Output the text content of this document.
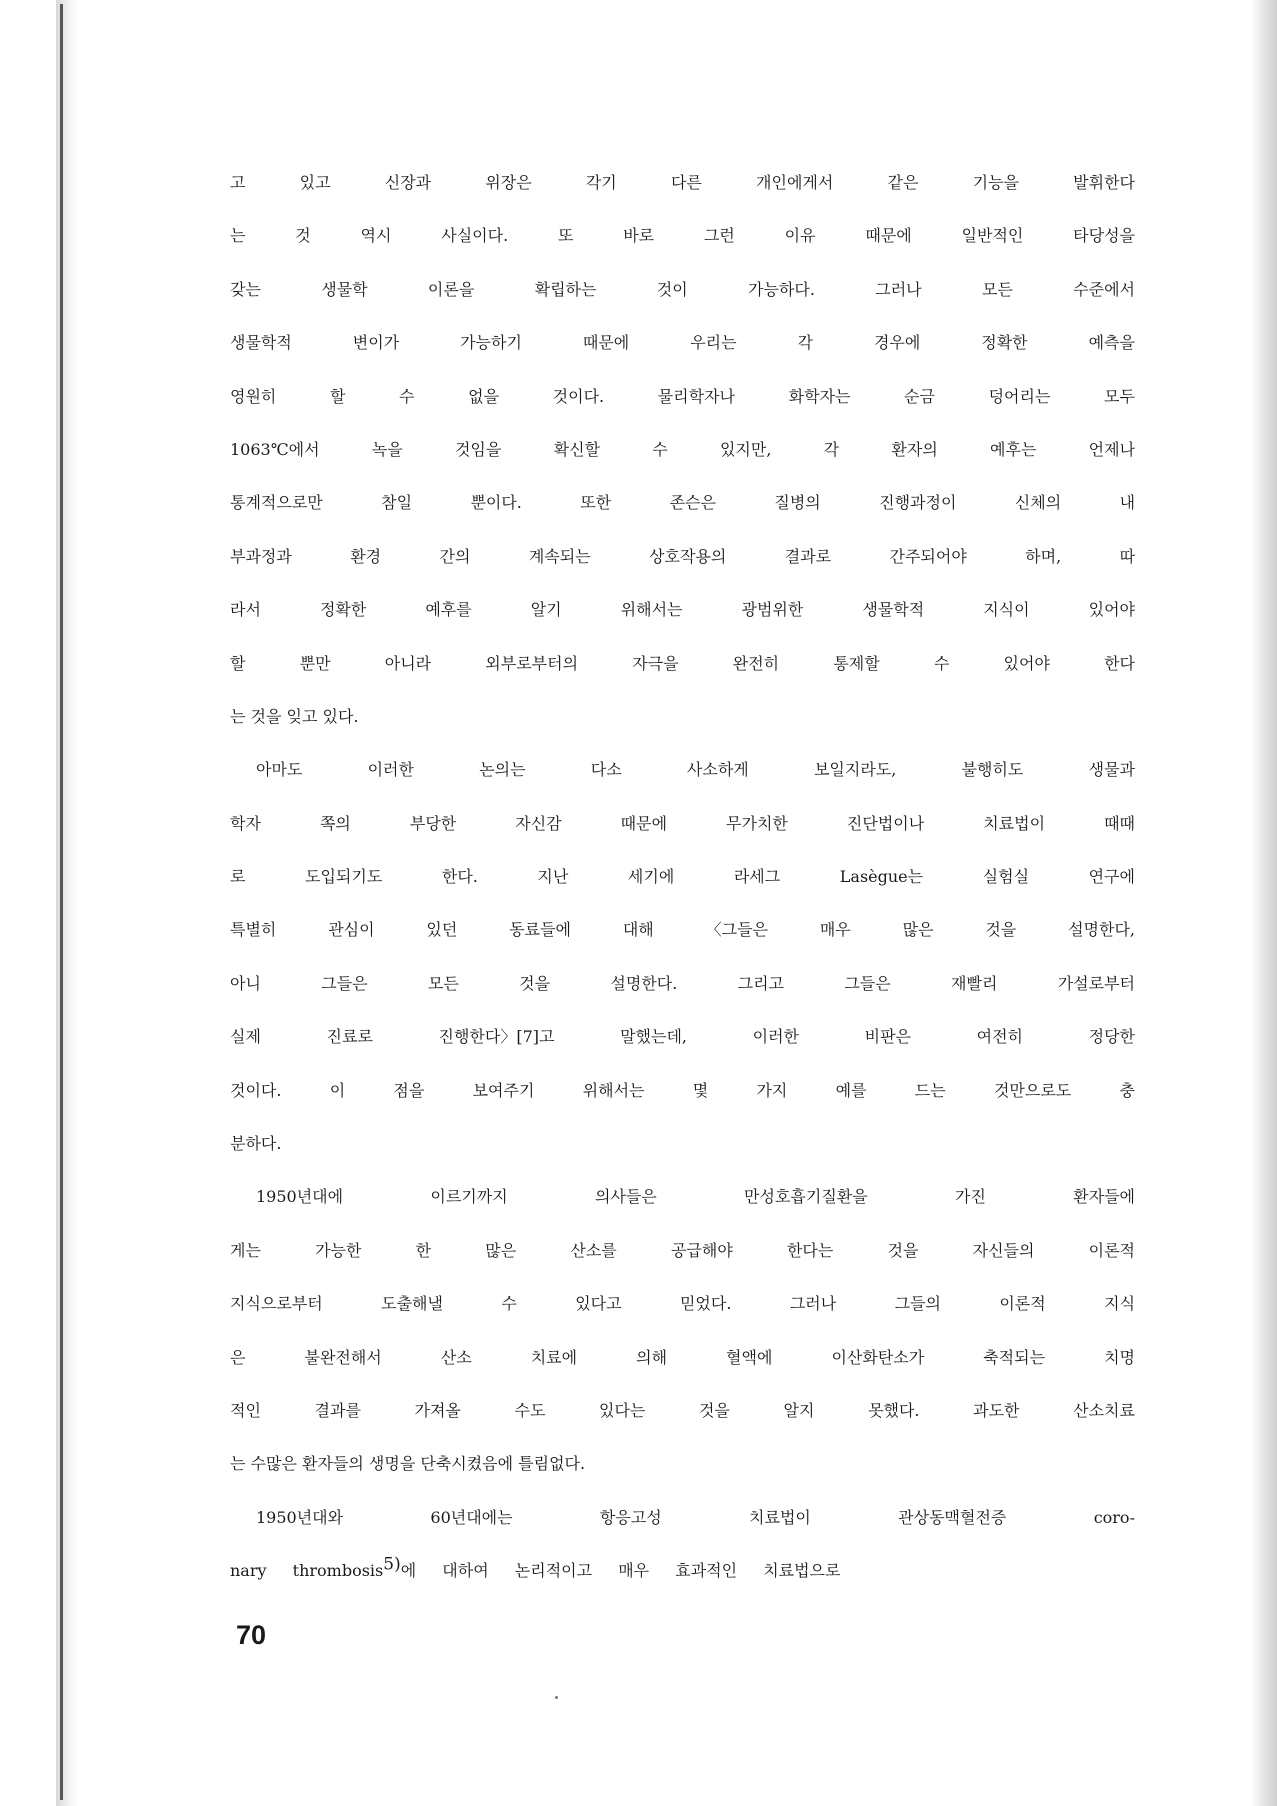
고 있고 신장과 위장은 각기 다른 개인에게서 같은 기능을 발휘한다
는 것 역시 사실이다. 또 바로 그런 이유 때문에 일반적인 타당성을
갖는 생물학 이론을 확립하는 것이 가능하다. 그러나 모든 수준에서
생물학적 변이가 가능하기 때문에 우리는 각 경우에 정확한 예측을
영원히 할 수 없을 것이다. 물리학자나 화학자는 순금 덩어리는 모두
1063℃에서 녹을 것임을 확신할 수 있지만, 각 환자의 예후는 언제나
통계적으로만 참일 뿐이다. 또한 존슨은 질병의 진행과정이 신체의 내
부과정과 환경 간의 계속되는 상호작용의 결과로 간주되어야 하며, 따
라서 정확한 예후를 알기 위해서는 광범위한 생물학적 지식이 있어야
할 뿐만 아니라 외부로부터의 자극을 완전히 통제할 수 있어야 한다
는 것을 잊고 있다.
아마도 이러한 논의는 다소 사소하게 보일지라도, 불행히도 생물과
학자 쪽의 부당한 자신감 때문에 무가치한 진단법이나 치료법이 때때
로 도입되기도 한다. 지난 세기에 라세그 Lasègue는 실험실 연구에
특별히 관심이 있던 동료들에 대해 〈그들은 매우 많은 것을 설명한다,
아니 그들은 모든 것을 설명한다. 그리고 그들은 재빨리 가설로부터
실제 진료로 진행한다〉[7]고 말했는데, 이러한 비판은 여전히 정당한
것이다. 이 점을 보여주기 위해서는 몇 가지 예를 드는 것만으로도 충
분하다.
1950년대에 이르기까지 의사들은 만성호흡기질환을 가진 환자들에
게는 가능한 한 많은 산소를 공급해야 한다는 것을 자신들의 이론적
지식으로부터 도출해낼 수 있다고 믿었다. 그러나 그들의 이론적 지식
은 불완전해서 산소 치료에 의해 혈액에 이산화탄소가 축적되는 치명
적인 결과를 가져올 수도 있다는 것을 알지 못했다. 과도한 산소치료
는 수많은 환자들의 생명을 단축시켰음에 틀림없다.
1950년대와 60년대에는 항응고성 치료법이 관상동맥혈전증 coro-
nary thrombosis$^{5)}$에 대하여 논리적이고 매우 효과적인 치료법으로
70
